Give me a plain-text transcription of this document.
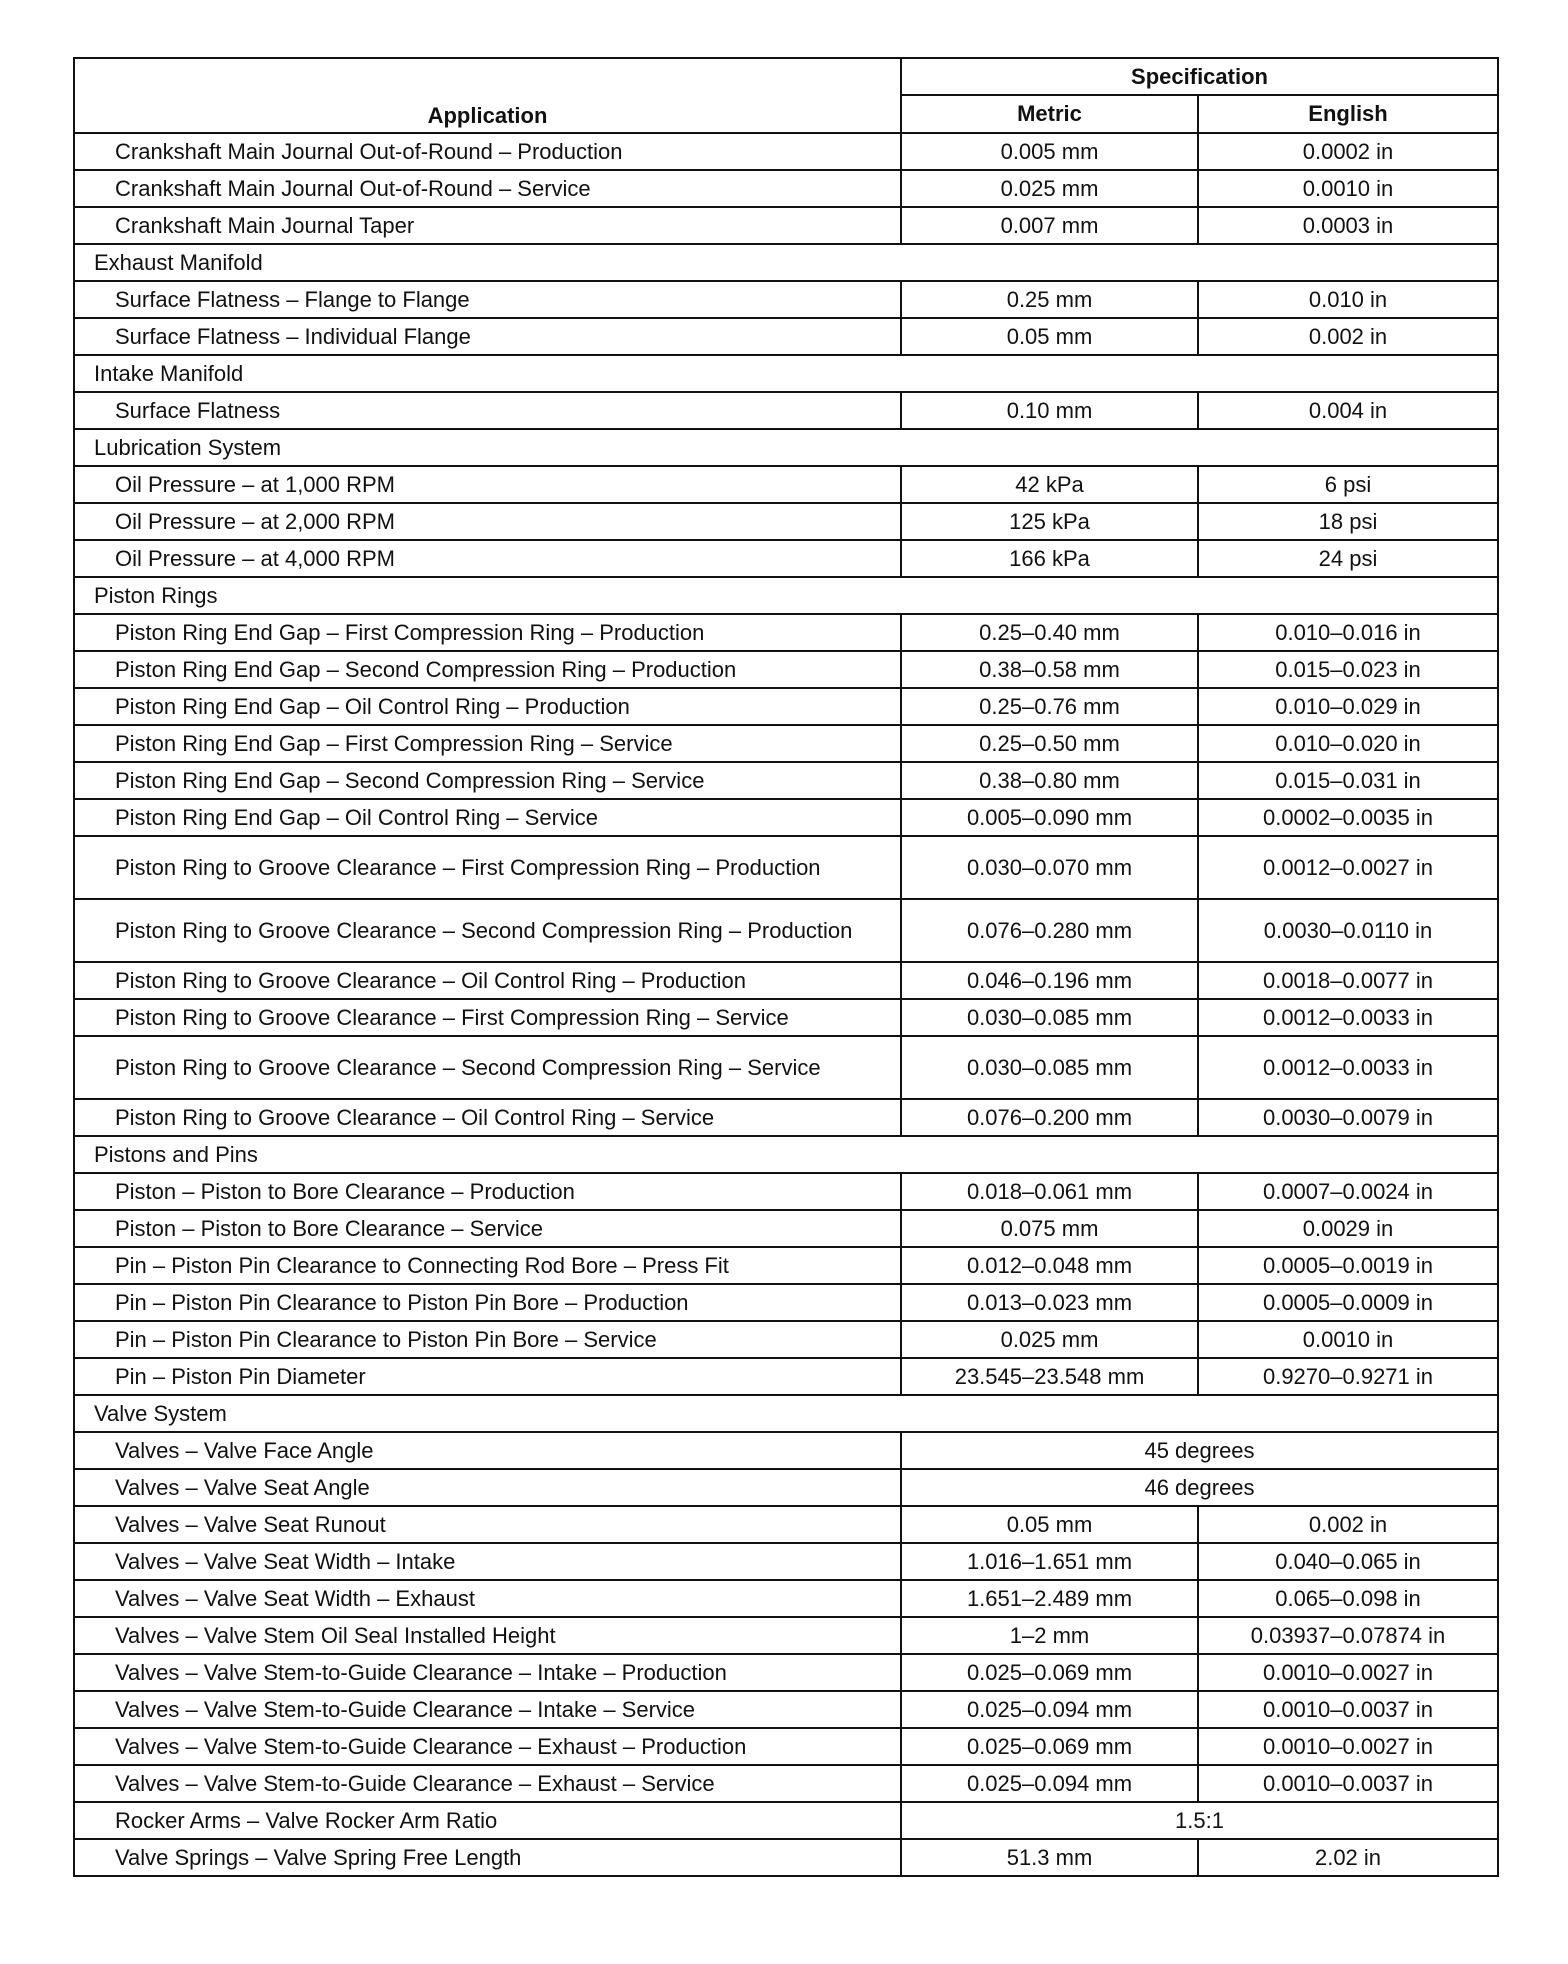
Application	Specification	
	Metric	English
Crankshaft Main Journal Out-of-Round – Production	0.005 mm	0.0002 in
Crankshaft Main Journal Out-of-Round – Service	0.025 mm	0.0010 in
Crankshaft Main Journal Taper	0.007 mm	0.0003 in
Exhaust Manifold		
Surface Flatness – Flange to Flange	0.25 mm	0.010 in
Surface Flatness – Individual Flange	0.05 mm	0.002 in
Intake Manifold		
Surface Flatness	0.10 mm	0.004 in
Lubrication System		
Oil Pressure – at 1,000 RPM	42 kPa	6 psi
Oil Pressure – at 2,000 RPM	125 kPa	18 psi
Oil Pressure – at 4,000 RPM	166 kPa	24 psi
Piston Rings		
Piston Ring End Gap – First Compression Ring – Production	0.25–0.40 mm	0.010–0.016 in
Piston Ring End Gap – Second Compression Ring – Production	0.38–0.58 mm	0.015–0.023 in
Piston Ring End Gap – Oil Control Ring – Production	0.25–0.76 mm	0.010–0.029 in
Piston Ring End Gap – First Compression Ring – Service	0.25–0.50 mm	0.010–0.020 in
Piston Ring End Gap – Second Compression Ring – Service	0.38–0.80 mm	0.015–0.031 in
Piston Ring End Gap – Oil Control Ring – Service	0.005–0.090 mm	0.0002–0.0035 in
Piston Ring to Groove Clearance – First Compression Ring – Production	0.030–0.070 mm	0.0012–0.0027 in
Piston Ring to Groove Clearance – Second Compression Ring – Production	0.076–0.280 mm	0.0030–0.0110 in
Piston Ring to Groove Clearance – Oil Control Ring – Production	0.046–0.196 mm	0.0018–0.0077 in
Piston Ring to Groove Clearance – First Compression Ring – Service	0.030–0.085 mm	0.0012–0.0033 in
Piston Ring to Groove Clearance – Second Compression Ring – Service	0.030–0.085 mm	0.0012–0.0033 in
Piston Ring to Groove Clearance – Oil Control Ring – Service	0.076–0.200 mm	0.0030–0.0079 in
Pistons and Pins		
Piston – Piston to Bore Clearance – Production	0.018–0.061 mm	0.0007–0.0024 in
Piston – Piston to Bore Clearance – Service	0.075 mm	0.0029 in
Pin – Piston Pin Clearance to Connecting Rod Bore – Press Fit	0.012–0.048 mm	0.0005–0.0019 in
Pin – Piston Pin Clearance to Piston Pin Bore – Production	0.013–0.023 mm	0.0005–0.0009 in
Pin – Piston Pin Clearance to Piston Pin Bore – Service	0.025 mm	0.0010 in
Pin – Piston Pin Diameter	23.545–23.548 mm	0.9270–0.9271 in
Valve System		
Valves – Valve Face Angle	45 degrees	
Valves – Valve Seat Angle	46 degrees	
Valves – Valve Seat Runout	0.05 mm	0.002 in
Valves – Valve Seat Width – Intake	1.016–1.651 mm	0.040–0.065 in
Valves – Valve Seat Width – Exhaust	1.651–2.489 mm	0.065–0.098 in
Valves – Valve Stem Oil Seal Installed Height	1–2 mm	0.03937–0.07874 in
Valves – Valve Stem-to-Guide Clearance – Intake – Production	0.025–0.069 mm	0.0010–0.0027 in
Valves – Valve Stem-to-Guide Clearance – Intake – Service	0.025–0.094 mm	0.0010–0.0037 in
Valves – Valve Stem-to-Guide Clearance – Exhaust – Production	0.025–0.069 mm	0.0010–0.0027 in
Valves – Valve Stem-to-Guide Clearance – Exhaust – Service	0.025–0.094 mm	0.0010–0.0037 in
Rocker Arms – Valve Rocker Arm Ratio	1.5:1	
Valve Springs – Valve Spring Free Length	51.3 mm	2.02 in
